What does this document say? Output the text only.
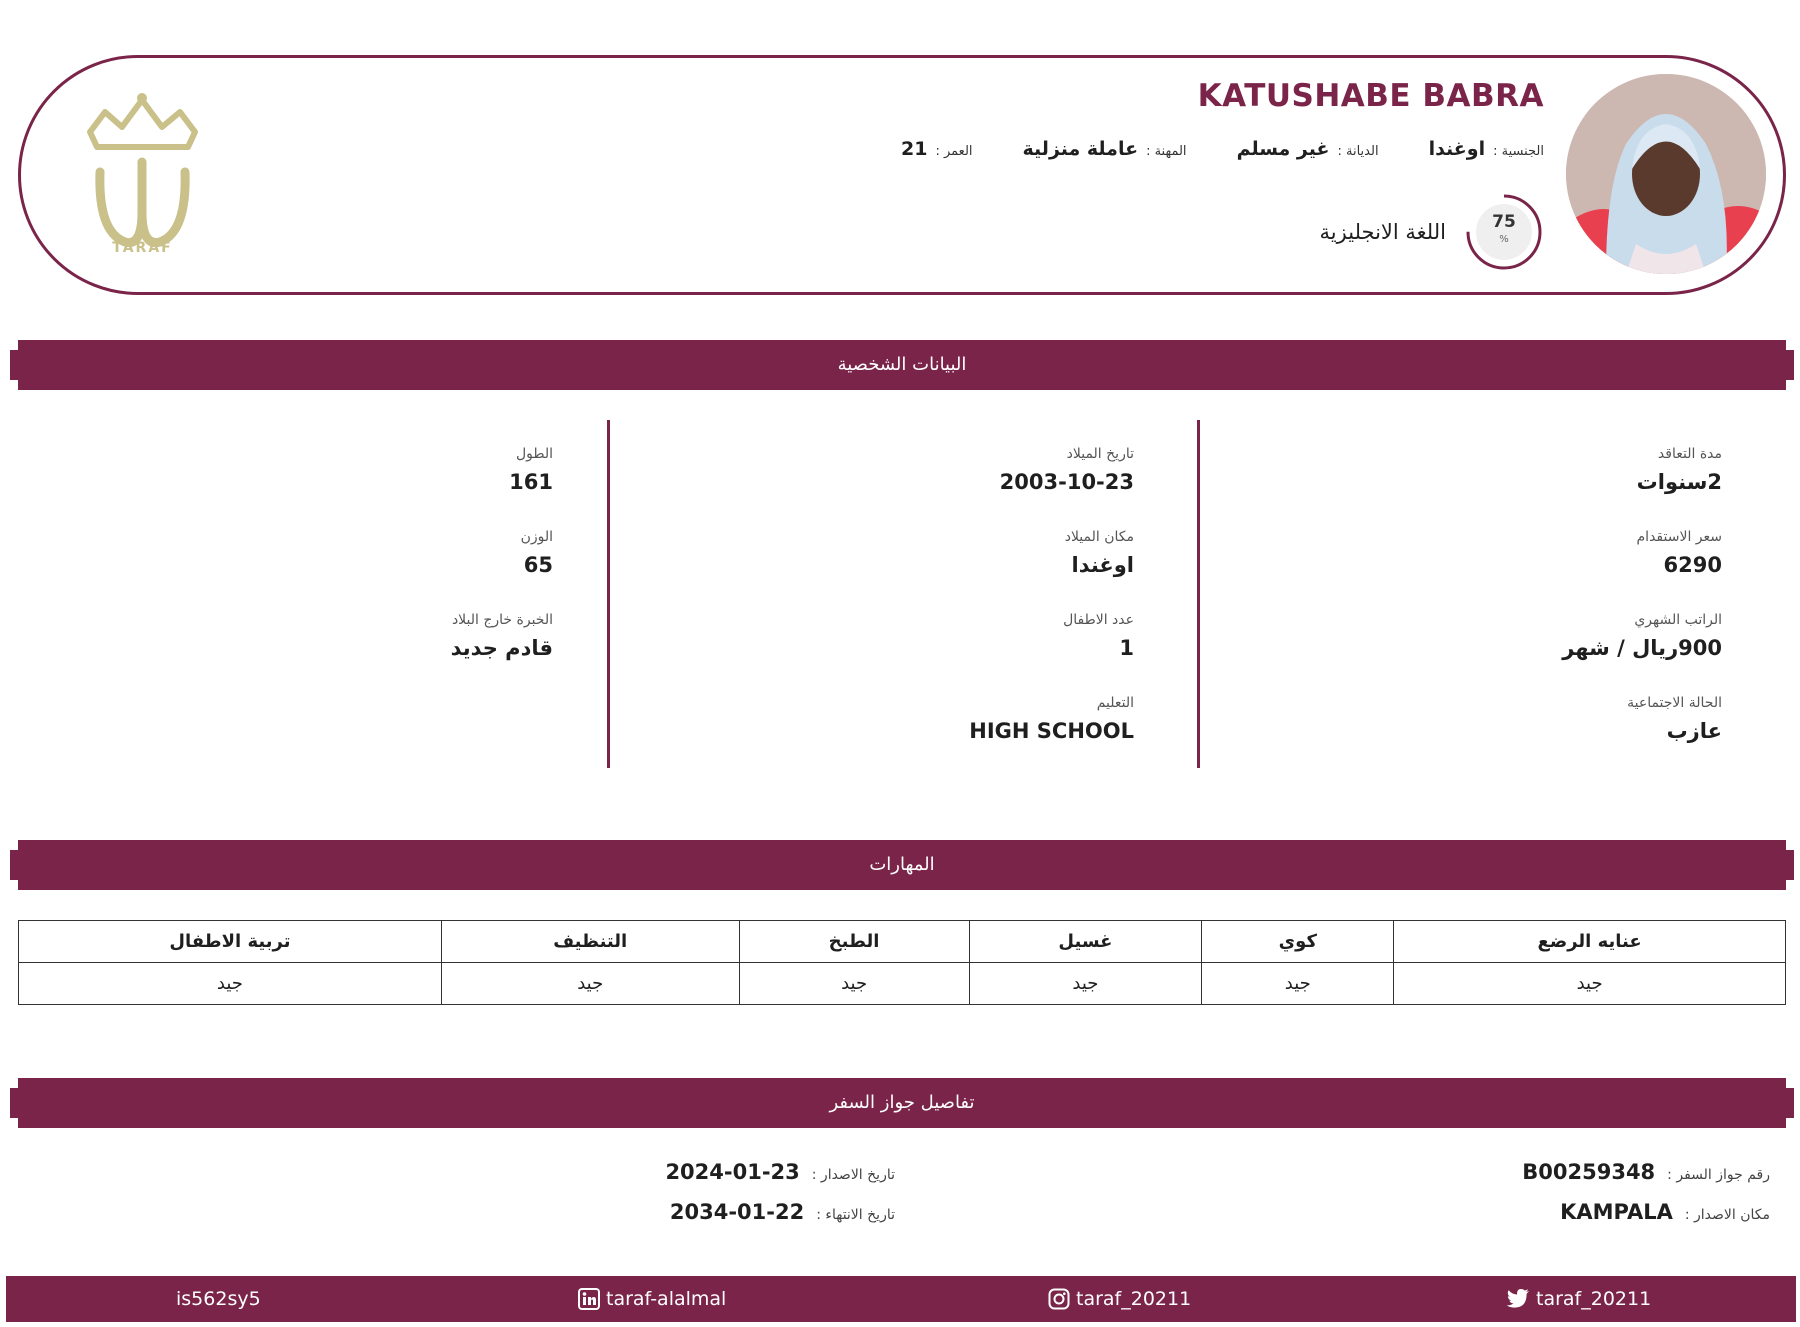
KATUSHABE BABRA
الجنسية :
اوغندا
الديانة :
غير مسلم
المهنة :
عاملة منزلية
العمر :
21
75
%
اللغة الانجليزية
TARAF
البيانات الشخصية
مدة التعاقد
2سنوات
سعر الاستقدام
6290
الراتب الشهري
900ريال / شهر
الحالة الاجتماعية
عازب
تاريخ الميلاد
2003-10-23
مكان الميلاد
اوغندا
عدد الاطفال
1
التعليم
HIGH SCHOOL
الطول
161
الوزن
65
الخبرة خارج البلاد
قادم جديد
المهارات
عنايه الرضع	كوي	غسيل	الطبخ	التنظيف	تربية الاطفال
جيد	جيد	جيد	جيد	جيد	جيد
تفاصيل جواز السفر
رقم جواز السفر :
B00259348
مكان الاصدار :
KAMPALA
تاريخ الاصدار :
2024-01-23
تاريخ الانتهاء :
2034-01-22
is562sy5	taraf-alalmal	taraf_20211	taraf_20211
